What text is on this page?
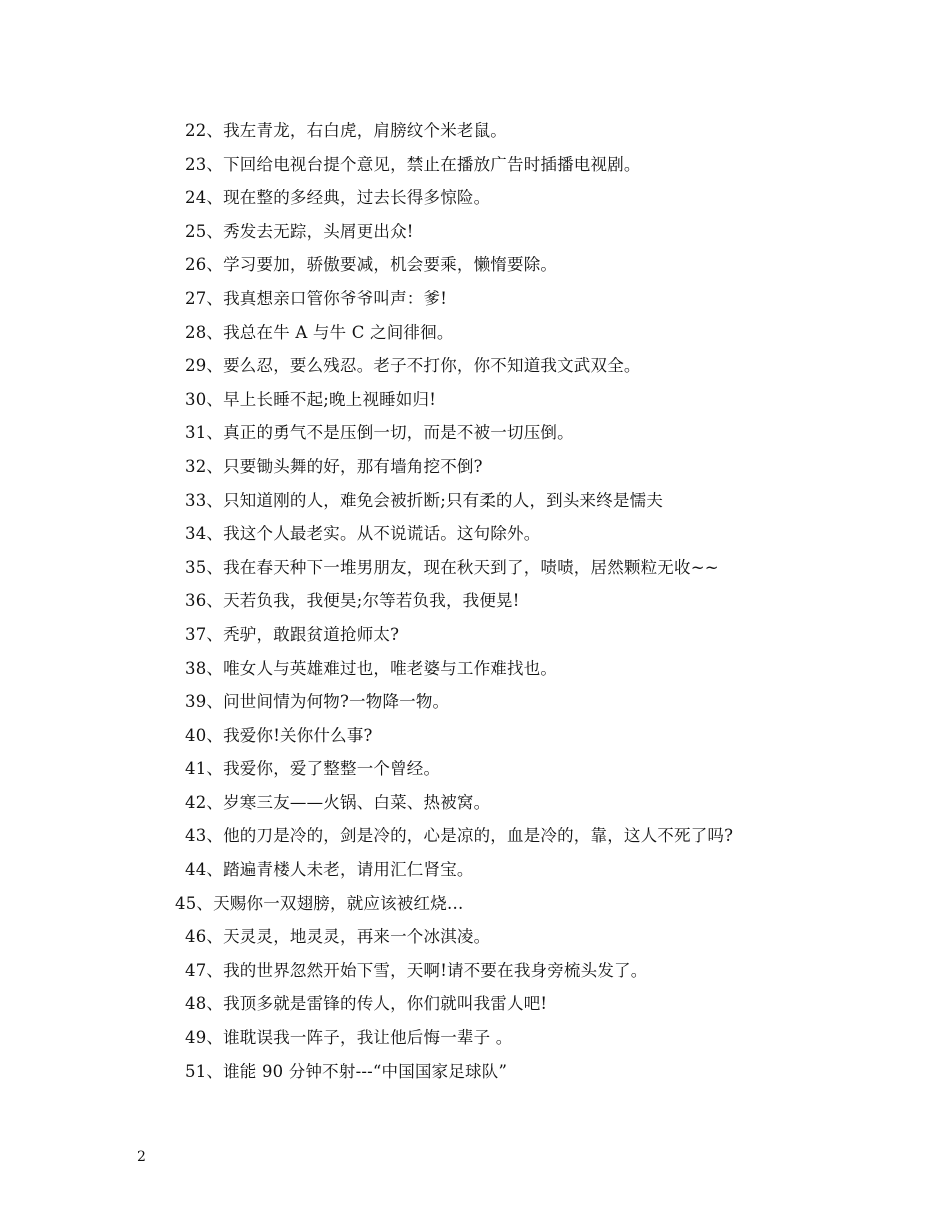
22、我左青龙，右白虎，肩膀纹个米老鼠。
23、下回给电视台提个意见，禁止在播放广告时插播电视剧。
24、现在整的多经典，过去长得多惊险。
25、秀发去无踪，头屑更出众!
26、学习要加，骄傲要减，机会要乘，懒惰要除。
27、我真想亲口管你爷爷叫声：爹!
28、我总在牛 A 与牛 C 之间徘徊。
29、要么忍，要么残忍。老子不打你，你不知道我文武双全。
30、早上长睡不起;晚上视睡如归!
31、真正的勇气不是压倒一切，而是不被一切压倒。
32、只要锄头舞的好，那有墙角挖不倒?
33、只知道刚的人，难免会被折断;只有柔的人，到头来终是懦夫
34、我这个人最老实。从不说谎话。这句除外。
35、我在春天种下一堆男朋友，现在秋天到了，啧啧，居然颗粒无收~~
36、天若负我，我便昊;尔等若负我，我便晃!
37、秃驴，敢跟贫道抢师太?
38、唯女人与英雄难过也，唯老婆与工作难找也。
39、问世间情为何物?一物降一物。
40、我爱你!关你什么事?
41、我爱你，爱了整整一个曾经。
42、岁寒三友——火锅、白菜、热被窝。
43、他的刀是冷的，剑是冷的，心是凉的，血是冷的，靠，这人不死了吗?
44、踏遍青楼人未老，请用汇仁肾宝。
45、天赐你一双翅膀，就应该被红烧…
46、天灵灵，地灵灵，再来一个冰淇凌。
47、我的世界忽然开始下雪，天啊!请不要在我身旁梳头发了。
48、我顶多就是雷锋的传人，你们就叫我雷人吧!
49、谁耽误我一阵子，我让他后悔一辈子 。
51、谁能 90 分钟不射---“中国国家足球队”
2
